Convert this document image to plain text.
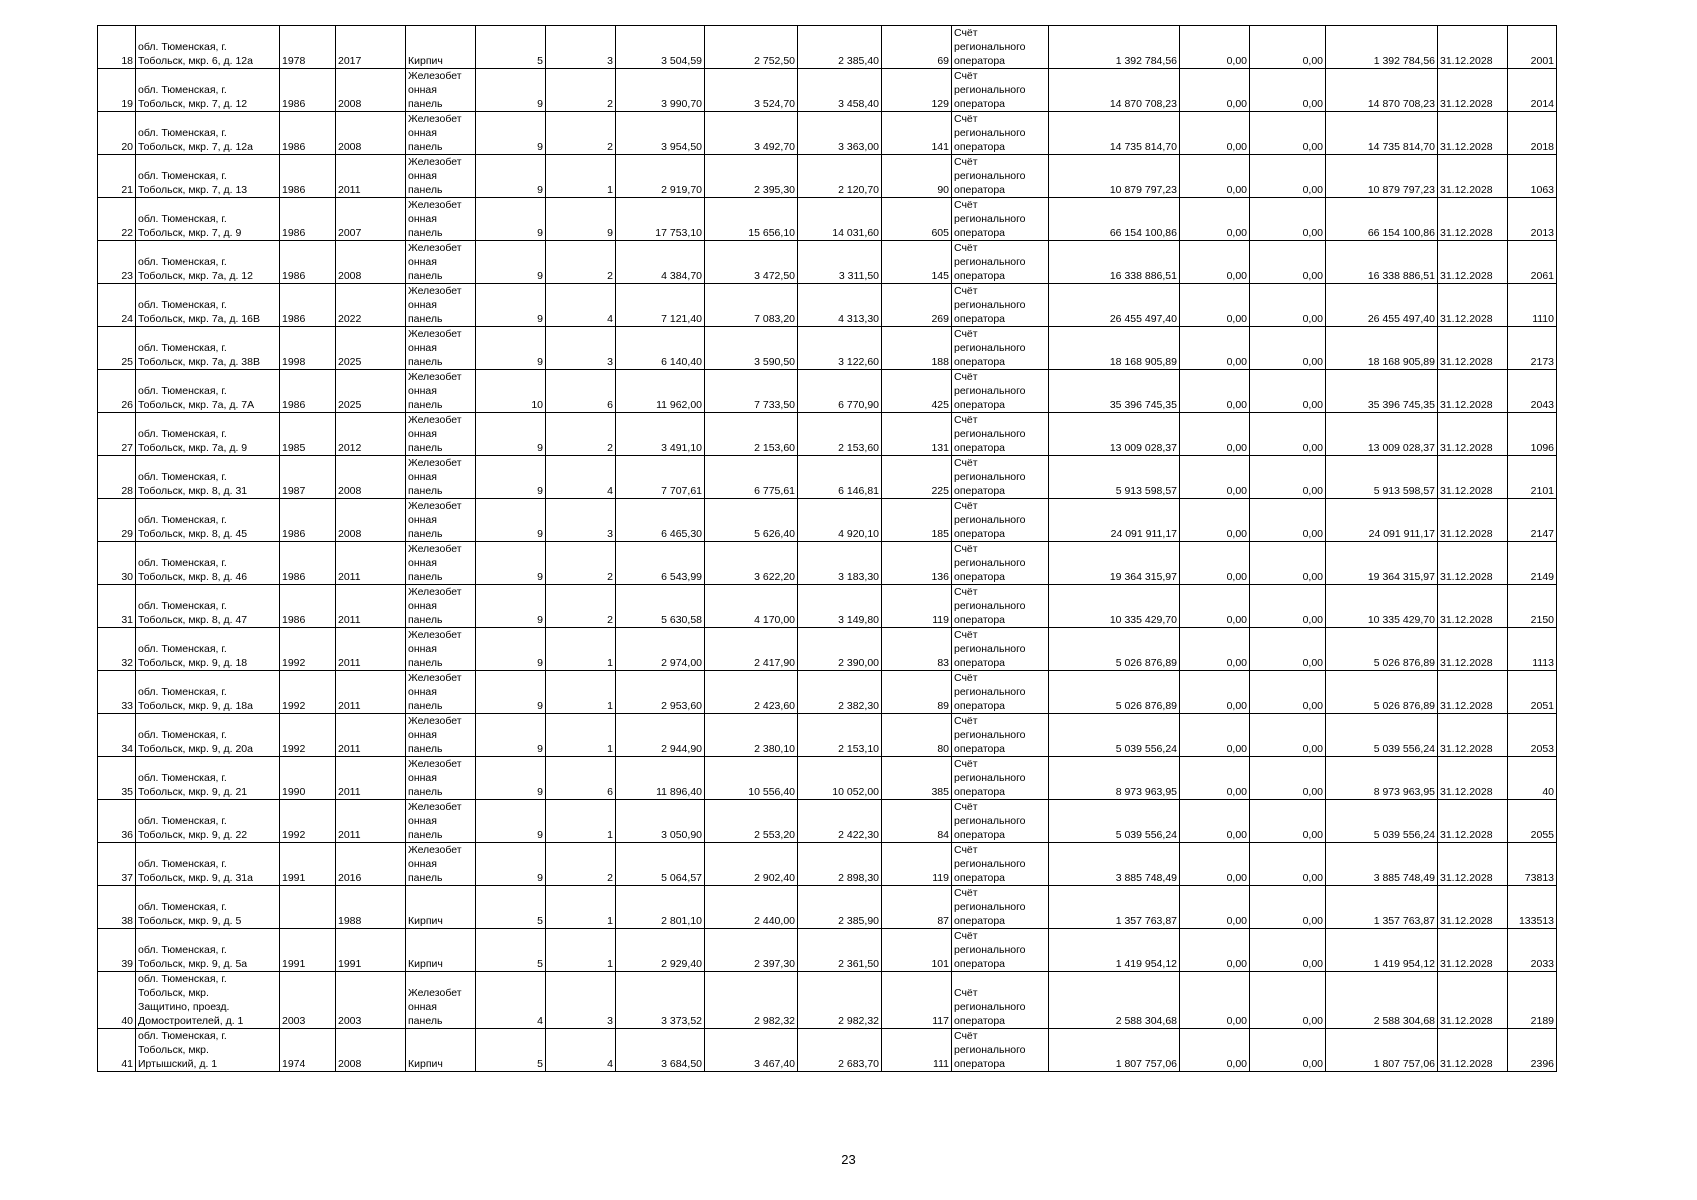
18	обл. Тюменская, г.
Тобольск, мкр. 6, д. 12а	1978	2017	Кирпич	5	3	3 504,59	2 752,50	2 385,40	69	Счёт
регионального
оператора	1 392 784,56	0,00	0,00	1 392 784,56	31.12.2028	2001
19	обл. Тюменская, г.
Тобольск, мкр. 7, д. 12	1986	2008	Железобет
онная
панель	9	2	3 990,70	3 524,70	3 458,40	129	Счёт
регионального
оператора	14 870 708,23	0,00	0,00	14 870 708,23	31.12.2028	2014
20	обл. Тюменская, г.
Тобольск, мкр. 7, д. 12а	1986	2008	Железобет
онная
панель	9	2	3 954,50	3 492,70	3 363,00	141	Счёт
регионального
оператора	14 735 814,70	0,00	0,00	14 735 814,70	31.12.2028	2018
21	обл. Тюменская, г.
Тобольск, мкр. 7, д. 13	1986	2011	Железобет
онная
панель	9	1	2 919,70	2 395,30	2 120,70	90	Счёт
регионального
оператора	10 879 797,23	0,00	0,00	10 879 797,23	31.12.2028	1063
22	обл. Тюменская, г.
Тобольск, мкр. 7, д. 9	1986	2007	Железобет
онная
панель	9	9	17 753,10	15 656,10	14 031,60	605	Счёт
регионального
оператора	66 154 100,86	0,00	0,00	66 154 100,86	31.12.2028	2013
23	обл. Тюменская, г.
Тобольск, мкр. 7а, д. 12	1986	2008	Железобет
онная
панель	9	2	4 384,70	3 472,50	3 311,50	145	Счёт
регионального
оператора	16 338 886,51	0,00	0,00	16 338 886,51	31.12.2028	2061
24	обл. Тюменская, г.
Тобольск, мкр. 7а, д. 16В	1986	2022	Железобет
онная
панель	9	4	7 121,40	7 083,20	4 313,30	269	Счёт
регионального
оператора	26 455 497,40	0,00	0,00	26 455 497,40	31.12.2028	1110
25	обл. Тюменская, г.
Тобольск, мкр. 7а, д. 38В	1998	2025	Железобет
онная
панель	9	3	6 140,40	3 590,50	3 122,60	188	Счёт
регионального
оператора	18 168 905,89	0,00	0,00	18 168 905,89	31.12.2028	2173
26	обл. Тюменская, г.
Тобольск, мкр. 7а, д. 7А	1986	2025	Железобет
онная
панель	10	6	11 962,00	7 733,50	6 770,90	425	Счёт
регионального
оператора	35 396 745,35	0,00	0,00	35 396 745,35	31.12.2028	2043
27	обл. Тюменская, г.
Тобольск, мкр. 7а, д. 9	1985	2012	Железобет
онная
панель	9	2	3 491,10	2 153,60	2 153,60	131	Счёт
регионального
оператора	13 009 028,37	0,00	0,00	13 009 028,37	31.12.2028	1096
28	обл. Тюменская, г.
Тобольск, мкр. 8, д. 31	1987	2008	Железобет
онная
панель	9	4	7 707,61	6 775,61	6 146,81	225	Счёт
регионального
оператора	5 913 598,57	0,00	0,00	5 913 598,57	31.12.2028	2101
29	обл. Тюменская, г.
Тобольск, мкр. 8, д. 45	1986	2008	Железобет
онная
панель	9	3	6 465,30	5 626,40	4 920,10	185	Счёт
регионального
оператора	24 091 911,17	0,00	0,00	24 091 911,17	31.12.2028	2147
30	обл. Тюменская, г.
Тобольск, мкр. 8, д. 46	1986	2011	Железобет
онная
панель	9	2	6 543,99	3 622,20	3 183,30	136	Счёт
регионального
оператора	19 364 315,97	0,00	0,00	19 364 315,97	31.12.2028	2149
31	обл. Тюменская, г.
Тобольск, мкр. 8, д. 47	1986	2011	Железобет
онная
панель	9	2	5 630,58	4 170,00	3 149,80	119	Счёт
регионального
оператора	10 335 429,70	0,00	0,00	10 335 429,70	31.12.2028	2150
32	обл. Тюменская, г.
Тобольск, мкр. 9, д. 18	1992	2011	Железобет
онная
панель	9	1	2 974,00	2 417,90	2 390,00	83	Счёт
регионального
оператора	5 026 876,89	0,00	0,00	5 026 876,89	31.12.2028	1113
33	обл. Тюменская, г.
Тобольск, мкр. 9, д. 18а	1992	2011	Железобет
онная
панель	9	1	2 953,60	2 423,60	2 382,30	89	Счёт
регионального
оператора	5 026 876,89	0,00	0,00	5 026 876,89	31.12.2028	2051
34	обл. Тюменская, г.
Тобольск, мкр. 9, д. 20а	1992	2011	Железобет
онная
панель	9	1	2 944,90	2 380,10	2 153,10	80	Счёт
регионального
оператора	5 039 556,24	0,00	0,00	5 039 556,24	31.12.2028	2053
35	обл. Тюменская, г.
Тобольск, мкр. 9, д. 21	1990	2011	Железобет
онная
панель	9	6	11 896,40	10 556,40	10 052,00	385	Счёт
регионального
оператора	8 973 963,95	0,00	0,00	8 973 963,95	31.12.2028	40
36	обл. Тюменская, г.
Тобольск, мкр. 9, д. 22	1992	2011	Железобет
онная
панель	9	1	3 050,90	2 553,20	2 422,30	84	Счёт
регионального
оператора	5 039 556,24	0,00	0,00	5 039 556,24	31.12.2028	2055
37	обл. Тюменская, г.
Тобольск, мкр. 9, д. 31а	1991	2016	Железобет
онная
панель	9	2	5 064,57	2 902,40	2 898,30	119	Счёт
регионального
оператора	3 885 748,49	0,00	0,00	3 885 748,49	31.12.2028	73813
38	обл. Тюменская, г.
Тобольск, мкр. 9, д. 5		1988	Кирпич	5	1	2 801,10	2 440,00	2 385,90	87	Счёт
регионального
оператора	1 357 763,87	0,00	0,00	1 357 763,87	31.12.2028	133513
39	обл. Тюменская, г.
Тобольск, мкр. 9, д. 5а	1991	1991	Кирпич	5	1	2 929,40	2 397,30	2 361,50	101	Счёт
регионального
оператора	1 419 954,12	0,00	0,00	1 419 954,12	31.12.2028	2033
40	обл. Тюменская, г.
Тобольск, мкр.
Защитино, проезд.
Домостроителей, д. 1	2003	2003	Железобет
онная
панель	4	3	3 373,52	2 982,32	2 982,32	117	Счёт
регионального
оператора	2 588 304,68	0,00	0,00	2 588 304,68	31.12.2028	2189
41	обл. Тюменская, г.
Тобольск, мкр.
Иртышский, д. 1	1974	2008	Кирпич	5	4	3 684,50	3 467,40	2 683,70	111	Счёт
регионального
оператора	1 807 757,06	0,00	0,00	1 807 757,06	31.12.2028	2396
23
